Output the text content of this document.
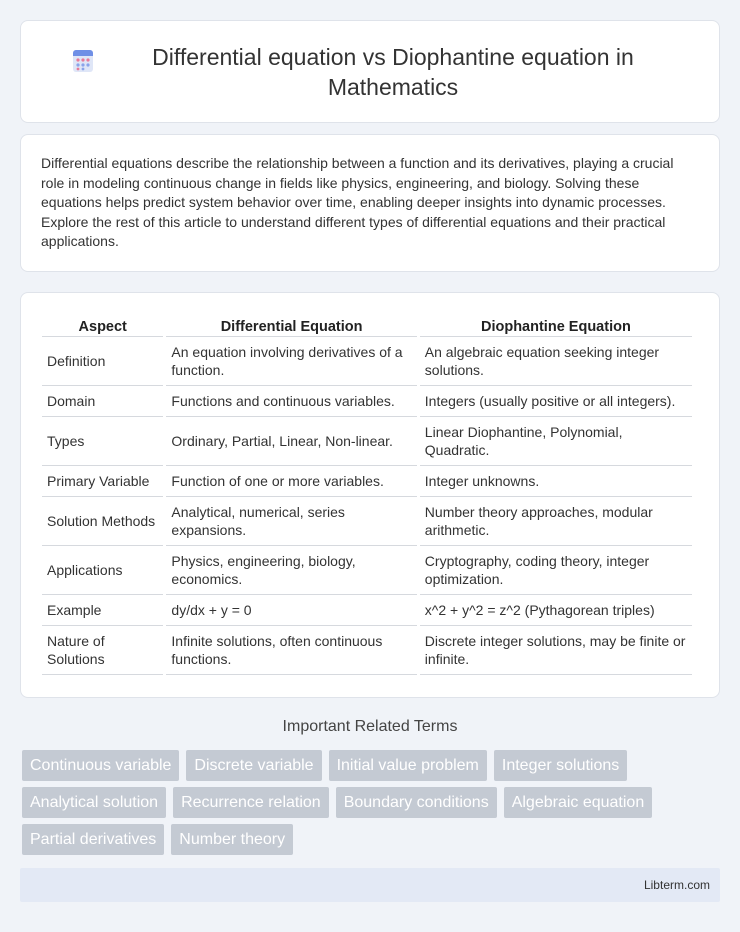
Differential equation vs Diophantine equation in Mathematics

Differential equations describe the relationship between a function and its derivatives, playing a crucial role in modeling continuous change in fields like physics, engineering, and biology. Solving these equations helps predict system behavior over time, enabling deeper insights into dynamic processes. Explore the rest of this article to understand different types of differential equations and their practical applications.

Aspect	Differential Equation	Diophantine Equation
Definition	An equation involving derivatives of a function.	An algebraic equation seeking integer solutions.
Domain	Functions and continuous variables.	Integers (usually positive or all integers).
Types	Ordinary, Partial, Linear, Non-linear.	Linear Diophantine, Polynomial, Quadratic.
Primary Variable	Function of one or more variables.	Integer unknowns.
Solution Methods	Analytical, numerical, series expansions.	Number theory approaches, modular arithmetic.
Applications	Physics, engineering, biology, economics.	Cryptography, coding theory, integer optimization.
Example	dy/dx + y = 0	x^2 + y^2 = z^2 (Pythagorean triples)
Nature of Solutions	Infinite solutions, often continuous functions.	Discrete integer solutions, may be finite or infinite.
Important Related Terms
Continuous variable	Discrete variable	Initial value problem	Integer solutions
Analytical solution	Recurrence relation	Boundary conditions	Algebraic equation
Partial derivatives	Number theory
Libterm.com
